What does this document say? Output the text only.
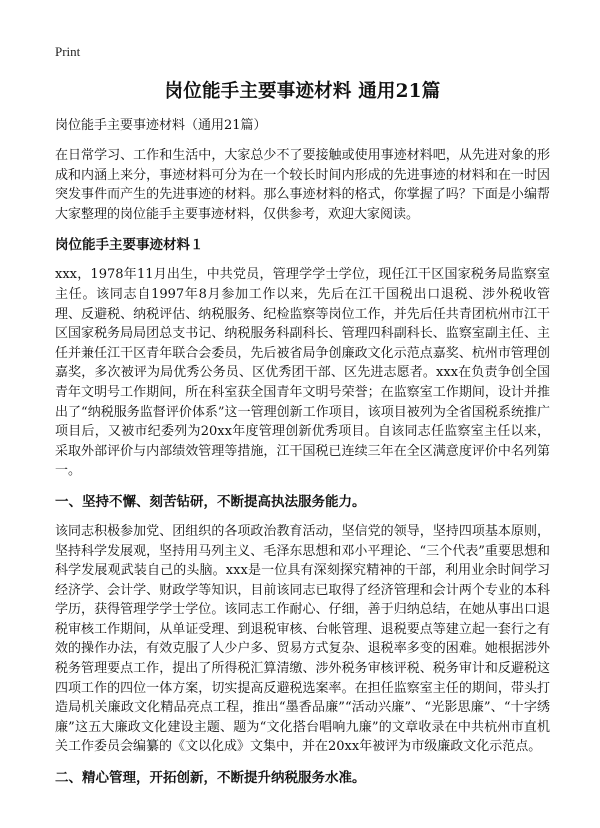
Print
岗位能手主要事迹材料 通用21篇

岗位能手主要事迹材料（通用21篇）

在日常学习、工作和生活中，大家总少不了要接触或使用事迹材料吧，从先进对象的形成和内涵上来分，事迹材料可分为在一个较长时间内形成的先进事迹的材料和在一时因突发事件而产生的先进事迹的材料。那么事迹材料的格式，你掌握了吗？下面是小编帮大家整理的岗位能手主要事迹材料，仅供参考，欢迎大家阅读。

岗位能手主要事迹材料１

xxx，1978年11月出生，中共党员，管理学学士学位，现任江干区国家税务局监察室主任。该同志自1997年8月参加工作以来，先后在江干国税出口退税、涉外税收管理、反避税、纳税评估、纳税服务、纪检监察等岗位工作，并先后任共青团杭州市江干区国家税务局局团总支书记、纳税服务科副科长、管理四科副科长、监察室副主任、主任并兼任江干区青年联合会委员，先后被省局争创廉政文化示范点嘉奖、杭州市管理创嘉奖，多次被评为局优秀公务员、区优秀团干部、区先进志愿者。xxx在负责争创全国青年文明号工作期间，所在科室获全国青年文明号荣誉；在监察室工作期间，设计并推出了“纳税服务监督评价体系”这一管理创新工作项目，该项目被列为全省国税系统推广项目后，又被市纪委列为20xx年度管理创新优秀项目。自该同志任监察室主任以来，采取外部评价与内部绩效管理等措施，江干国税已连续三年在全区满意度评价中名列第一。

一、坚持不懈、刻苦钻研，不断提高执法服务能力。

该同志积极参加党、团组织的各项政治教育活动，坚信党的领导，坚持四项基本原则，坚持科学发展观，坚持用马列主义、毛泽东思想和邓小平理论、“三个代表”重要思想和科学发展观武装自己的头脑。xxx是一位具有深刻探究精神的干部，利用业余时间学习经济学、会计学、财政学等知识，目前该同志已取得了经济管理和会计两个专业的本科学历，获得管理学学士学位。该同志工作耐心、仔细，善于归纳总结，在她从事出口退税审核工作期间，从单证受理、到退税审核、台帐管理、退税要点等建立起一套行之有效的操作办法，有效克服了人少户多、贸易方式复杂、退税率多变的困难。她根据涉外税务管理要点工作，提出了所得税汇算清缴、涉外税务审核评税、税务审计和反避税这四项工作的四位一体方案，切实提高反避税选案率。在担任监察室主任的期间，带头打造局机关廉政文化精品亮点工程，推出“墨香品廉”“活动兴廉”、“光影思廉”、“十字绣廉”这五大廉政文化建设主题、题为“文化搭台唱响九廉”的文章收录在中共杭州市直机关工作委员会编纂的《文以化成》文集中，并在20xx年被评为市级廉政文化示范点。

二、精心管理，开拓创新，不断提升纳税服务水准。
